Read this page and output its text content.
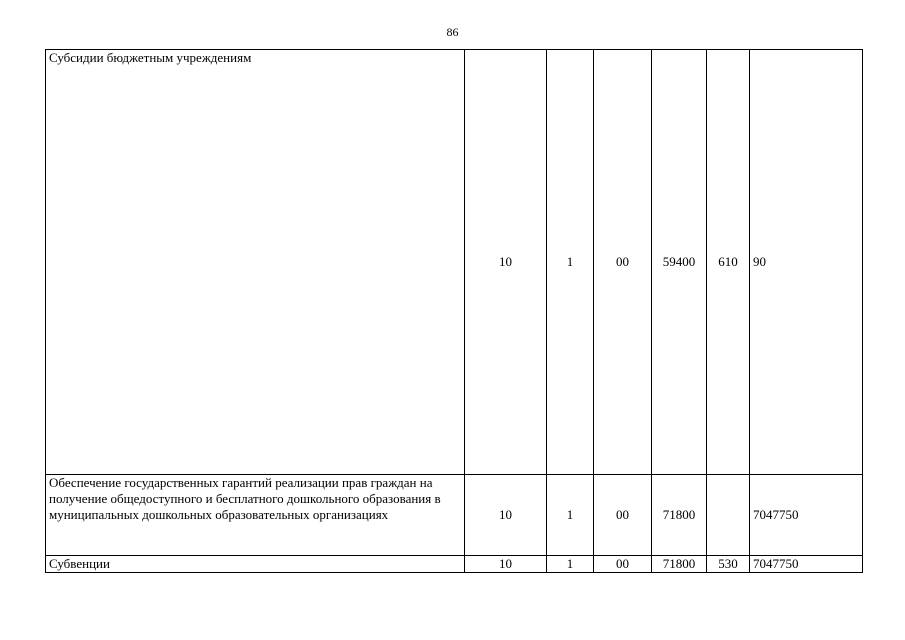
86
Субсидии бюджетным учреждениям	10	1	00	59400	610	90
Обеспечение государственных гарантий реализации прав граждан на получение общедоступного и бесплатного дошкольного образования в муниципальных дошкольных образовательных организациях	10	1	00	71800		7047750
Субвенции	10	1	00	71800	530	7047750
